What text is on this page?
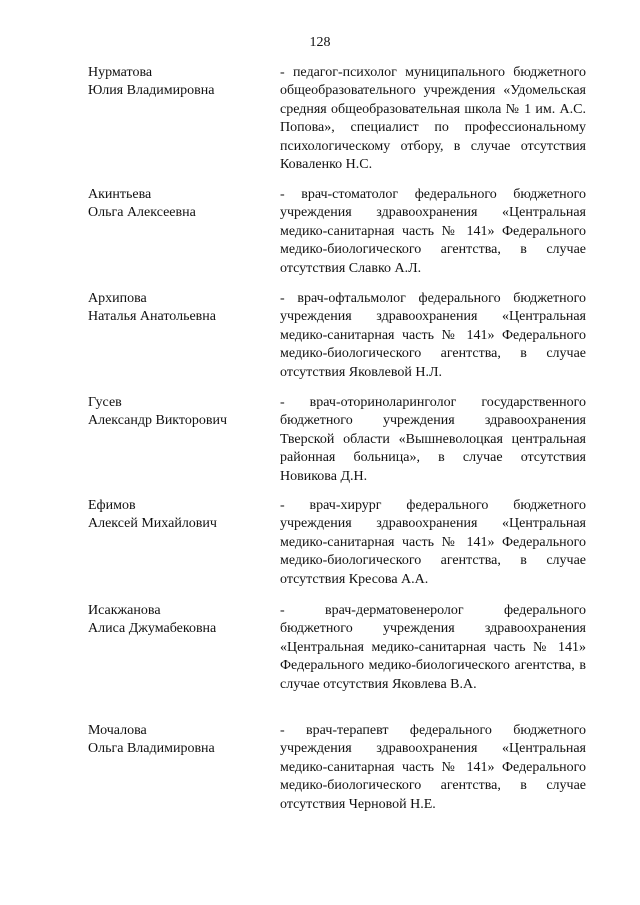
128
Нурматова
Юлия Владимировна
- педагог-психолог муниципального бюджетного общеобразовательного учреждения «Удомельская средняя общеобразовательная школа № 1 им. А.С. Попова», специалист по профессиональному психологическому отбору, в случае отсутствия Коваленко Н.С.
Акинтьева
Ольга Алексеевна
- врач-стоматолог федерального бюджетного учреждения здравоохранения «Центральная медико-санитарная часть № 141» Федерального медико-биологического агентства, в случае отсутствия Славко А.Л.
Архипова
Наталья Анатольевна
- врач-офтальмолог федерального бюджетного учреждения здравоохранения «Центральная медико-санитарная часть № 141» Федерального медико-биологического агентства, в случае отсутствия Яковлевой Н.Л.
Гусев
Александр Викторович
- врач-оториноларинголог государственного бюджетного учреждения здравоохранения Тверской области «Вышневолоцкая центральная районная больница», в случае отсутствия Новикова Д.Н.
Ефимов
Алексей Михайлович
- врач-хирург федерального бюджетного учреждения здравоохранения «Центральная медико-санитарная часть № 141» Федерального медико-биологического агентства, в случае отсутствия Кресова А.А.
Исакжанова
Алиса Джумабековна
- врач-дерматовенеролог федерального бюджетного учреждения здравоохранения «Центральная медико-санитарная часть № 141» Федерального медико-биологического агентства, в случае отсутствия Яковлева В.А.
Мочалова
Ольга Владимировна
- врач-терапевт федерального бюджетного учреждения здравоохранения «Центральная медико-санитарная часть № 141» Федерального медико-биологического агентства, в случае отсутствия Черновой Н.Е.
